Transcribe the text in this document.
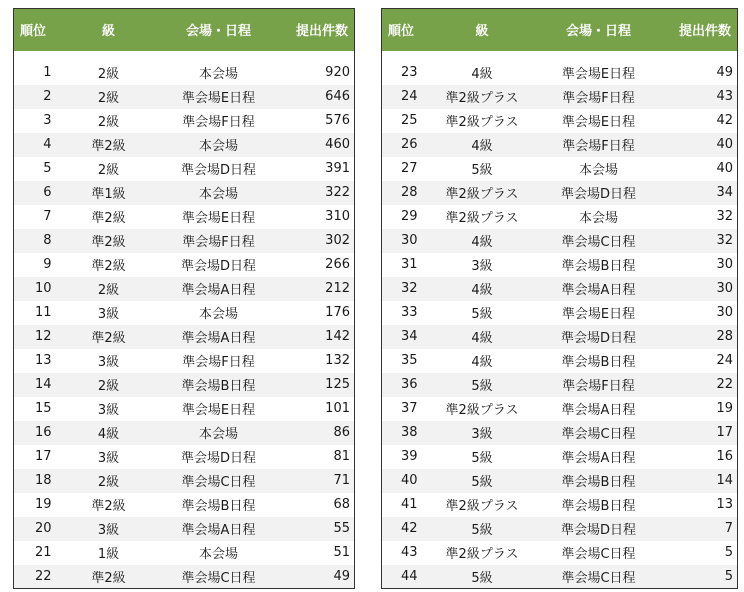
順位	級	会場・日程	提出件数

1	2級	本会場	920
2	2級	準会場E日程	646
3	2級	準会場F日程	576
4	準2級	本会場	460
5	2級	準会場D日程	391
6	準1級	本会場	322
7	準2級	準会場E日程	310
8	準2級	準会場F日程	302
9	準2級	準会場D日程	266
10	2級	準会場A日程	212
11	3級	本会場	176
12	準2級	準会場A日程	142
13	3級	準会場F日程	132
14	2級	準会場B日程	125
15	3級	準会場E日程	101
16	4級	本会場	86
17	3級	準会場D日程	81
18	2級	準会場C日程	71
19	準2級	準会場B日程	68
20	3級	準会場A日程	55
21	1級	本会場	51
22	準2級	準会場C日程	49
順位	級	会場・日程	提出件数

23	4級	準会場E日程	49
24	準2級プラス	準会場F日程	43
25	準2級プラス	準会場E日程	42
26	4級	準会場F日程	40
27	5級	本会場	40
28	準2級プラス	準会場D日程	34
29	準2級プラス	本会場	32
30	4級	準会場C日程	32
31	3級	準会場B日程	30
32	4級	準会場A日程	30
33	5級	準会場E日程	30
34	4級	準会場D日程	28
35	4級	準会場B日程	24
36	5級	準会場F日程	22
37	準2級プラス	準会場A日程	19
38	3級	準会場C日程	17
39	5級	準会場A日程	16
40	5級	準会場B日程	14
41	準2級プラス	準会場B日程	13
42	5級	準会場D日程	7
43	準2級プラス	準会場C日程	5
44	5級	準会場C日程	5
